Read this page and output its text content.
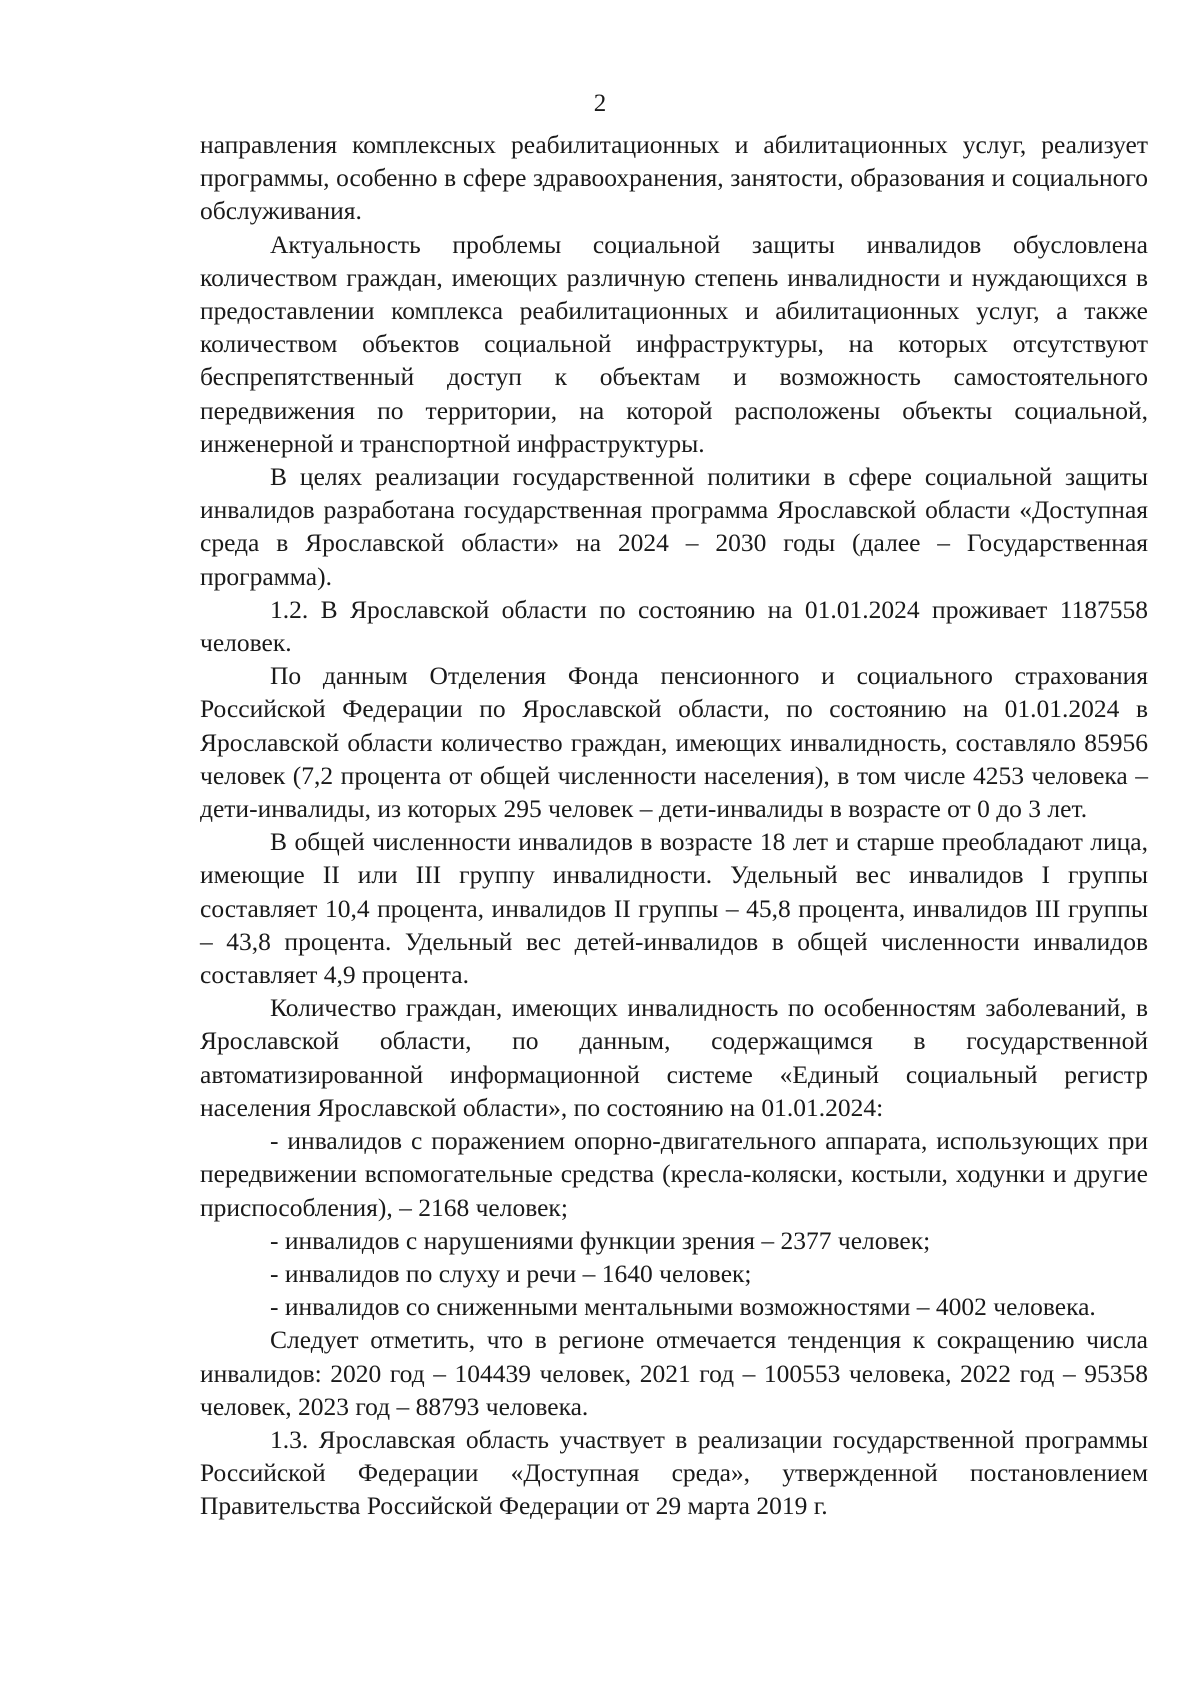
2

направления комплексных реабилитационных и абилитационных услуг, реализует программы, особенно в сфере здравоохранения, занятости, образования и социального обслуживания.

Актуальность проблемы социальной защиты инвалидов обусловлена количеством граждан, имеющих различную степень инвалидности и нуждающихся в предоставлении комплекса реабилитационных и абилитационных услуг, а также количеством объектов социальной инфраструктуры, на которых отсутствуют беспрепятственный доступ к объектам и возможность самостоятельного передвижения по территории, на которой расположены объекты социальной, инженерной и транспортной инфраструктуры.

В целях реализации государственной политики в сфере социальной защиты инвалидов разработана государственная программа Ярославской области «Доступная среда в Ярославской области» на 2024 – 2030 годы (далее – Государственная программа).

1.2. В Ярославской области по состоянию на 01.01.2024 проживает 1187558 человек.

По данным Отделения Фонда пенсионного и социального страхования Российской Федерации по Ярославской области, по состоянию на 01.01.2024 в Ярославской области количество граждан, имеющих инвалидность, составляло 85956 человек (7,2 процента от общей численности населения), в том числе 4253 человека – дети-инвалиды, из которых 295 человек – дети-инвалиды в возрасте от 0 до 3 лет.

В общей численности инвалидов в возрасте 18 лет и старше преобладают лица, имеющие II или III группу инвалидности. Удельный вес инвалидов I группы составляет 10,4 процента, инвалидов II группы – 45,8 процента, инвалидов III группы – 43,8 процента. Удельный вес детей-инвалидов в общей численности инвалидов составляет 4,9 процента.

Количество граждан, имеющих инвалидность по особенностям заболеваний, в Ярославской области, по данным, содержащимся в государственной автоматизированной информационной системе «Единый социальный регистр населения Ярославской области», по состоянию на 01.01.2024:

- инвалидов с поражением опорно-двигательного аппарата, использующих при передвижении вспомогательные средства (кресла-коляски, костыли, ходунки и другие приспособления), – 2168 человек;

- инвалидов с нарушениями функции зрения – 2377 человек;

- инвалидов по слуху и речи – 1640 человек;

- инвалидов со сниженными ментальными возможностями – 4002 человека.

Следует отметить, что в регионе отмечается тенденция к сокращению числа инвалидов: 2020 год – 104439 человек, 2021 год – 100553 человека, 2022 год – 95358 человек, 2023 год – 88793 человека.

1.3. Ярославская область участвует в реализации государственной программы Российской Федерации «Доступная среда», утвержденной постановлением Правительства Российской Федерации от 29 марта 2019 г.
